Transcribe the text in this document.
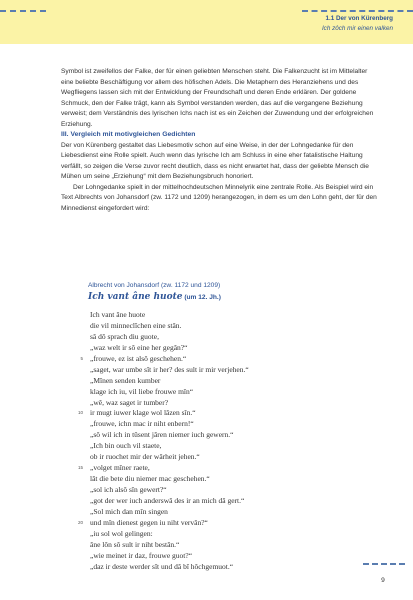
1.1 Der von Kürenberg
Ich zôch mir einen valken

Symbol ist zweifellos der Falke, der für einen geliebten Menschen steht. Die Falkenzucht ist im Mittelalter eine beliebte Beschäftigung vor allem des höfischen Adels. Die Metaphern des Heranziehens und des Wegfliegens lassen sich mit der Entwicklung der Freundschaft und deren Ende erklären. Der goldene Schmuck, den der Falke trägt, kann als Symbol verstanden werden, das auf die vergangene Beziehung verweist; dem Verständnis des lyrischen Ichs nach ist es ein Zeichen der Zuwendung und der erfolgreichen Erziehung.

III. Vergleich mit motivgleichen Gedichten

Der von Kürenberg gestaltet das Liebesmotiv schon auf eine Weise, in der der Lohngedanke für den Liebesdienst eine Rolle spielt. Auch wenn das lyrische Ich am Schluss in eine eher fatalistische Haltung verfällt, so zeigen die Verse zuvor recht deutlich, dass es nicht erwartet hat, dass der geliebte Mensch die Mühen um seine „Erziehung“ mit dem Beziehungsbruch honoriert.

Der Lohngedanke spielt in der mittelhochdeutschen Minnelyrik eine zentrale Rolle. Als Beispiel wird ein Text Albrechts von Johansdorf (zw. 1172 und 1209) herangezogen, in dem es um den Lohn geht, der für den Minnedienst eingefordert wird:

Albrecht von Johansdorf (zw. 1172 und 1209)
Ich vant âne huote (um 12. Jh.)
Ich vant âne huote
die vil minneclîchen eine stân.
sâ dô sprach diu guote,
„waz welt ir sô eine her gegân?“
5 „frouwe, ez ist alsô geschehen.“
„saget, war umbe sît ir her? des sult ir mir verjehen.“
„Mînen senden kumber
klage ich iu, vil liebe frouwe mîn“
„wê, waz saget ir tumber?
10 ir mugt iuwer klage wol lâzen sîn.“
„frouwe, ichn mac ir niht enbern!“
„sô wil ich in tûsent jâren niemer iuch gewern.“
„Ich bin ouch vil staete,
ob ir ruochet mir der wârheit jehen.“
15 „volget mîner raete,
lât die bete diu niemer mac geschehen.“
„sol ich alsô sîn gewert?“
„got der wer iuch anderswâ des ir an mich dâ gert.“
„Sol mich dan mîn singen
20 und mîn dienest gegen iu niht vervân?“
„iu sol wol gelingen:
âne lôn sô sult ir niht bestân.“
„wie meinet ir daz, frouwe guot?“
„daz ir deste werder sît und dâ bî hôchgemuot.“
9
